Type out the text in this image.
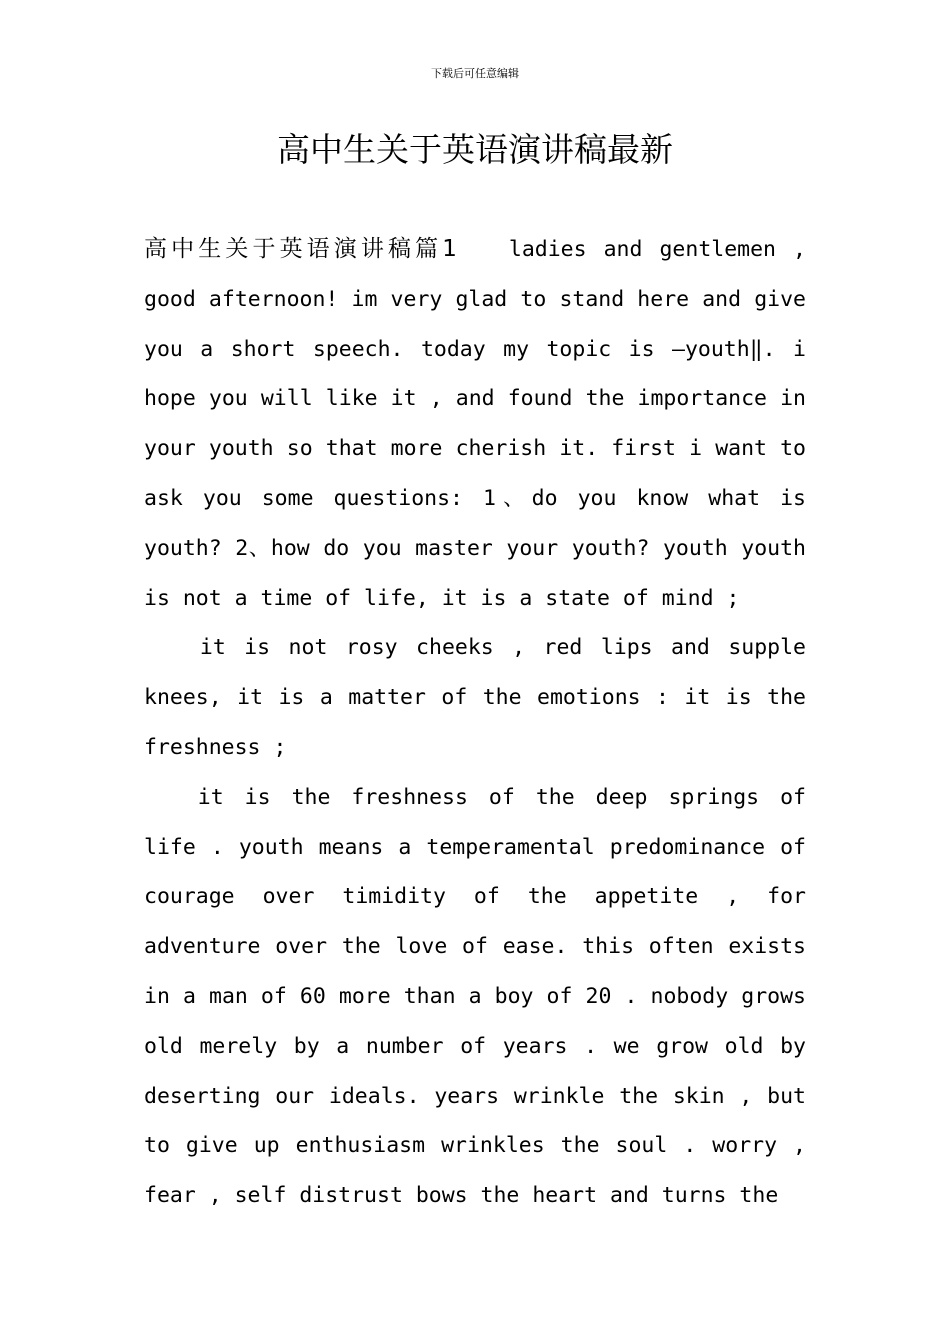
下载后可任意编辑
高中生关于英语演讲稿最新

高中生关于英语演讲稿篇1 ladies and gentlemen , good afternoon! im very glad to stand here and give you a short speech. today my topic is ―youth‖. i hope you will like it , and found the importance in your youth so that more cherish it. first i want to ask you some questions: 1、do you know what is youth? 2、how do you master your youth? youth youth is not a time of life, it is a state of mind ;

it is not rosy cheeks , red lips and supple knees, it is a matter of the emotions : it is the freshness ;

it is the freshness of the deep springs of life . youth means a temperamental predominance of courage over timidity of the appetite , for adventure over the love of ease. this often exists in a man of 60 more than a boy of 20 . nobody grows old merely by a number of years . we grow old by deserting our ideals. years wrinkle the skin , but to give up enthusiasm wrinkles the soul . worry , fear , self distrust bows the heart and turns the
